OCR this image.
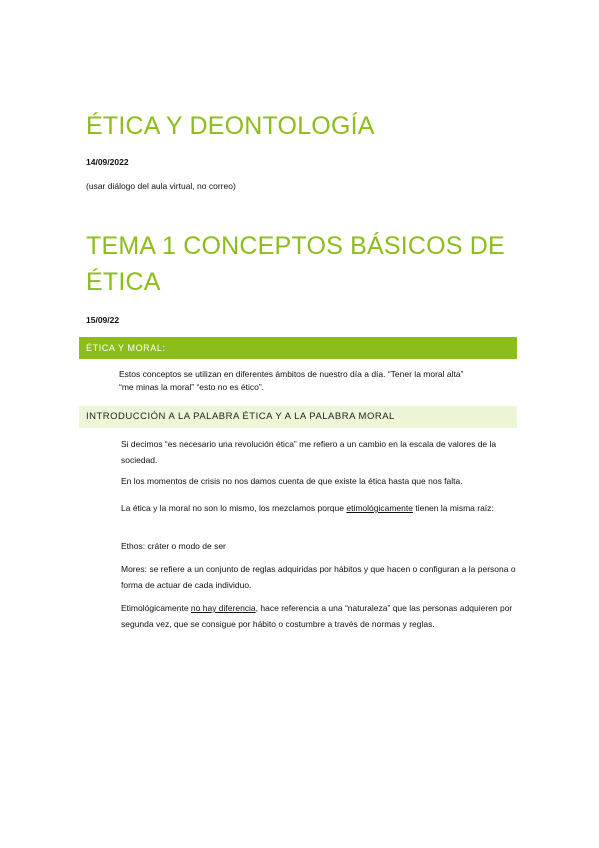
ÉTICA Y DEONTOLOGÍA

14/09/2022

(usar diálogo del aula virtual, no correo)

TEMA 1 CONCEPTOS BÁSICOS DE
ÉTICA

15/09/22

ÉTICA Y MORAL:

Estos conceptos se utilizan en diferentes ámbitos de nuestro día a día. “Tener la moral alta”
“me minas la moral” “esto no es ético”.

INTRODUCCIÓN A LA PALABRA ÉTICA Y A LA PALABRA MORAL

Si decimos “es necesario una revolución ética” me refiero a un cambio en la escala de valores de la sociedad.

En los momentos de crisis no nos damos cuenta de que existe la ética hasta que nos falta.

La ética y la moral no son lo mismo, los mezclamos porque etimológicamente tienen la misma raíz:

Ethos: cráter o modo de ser

Mores: se refiere a un conjunto de reglas adquiridas por hábitos y que hacen o configuran a la persona o forma de actuar de cada individuo.

Etimológicamente no hay diferencia, hace referencia a una “naturaleza” que las personas adquieren por segunda vez, que se consigue por hábito o costumbre a través de normas y reglas.
